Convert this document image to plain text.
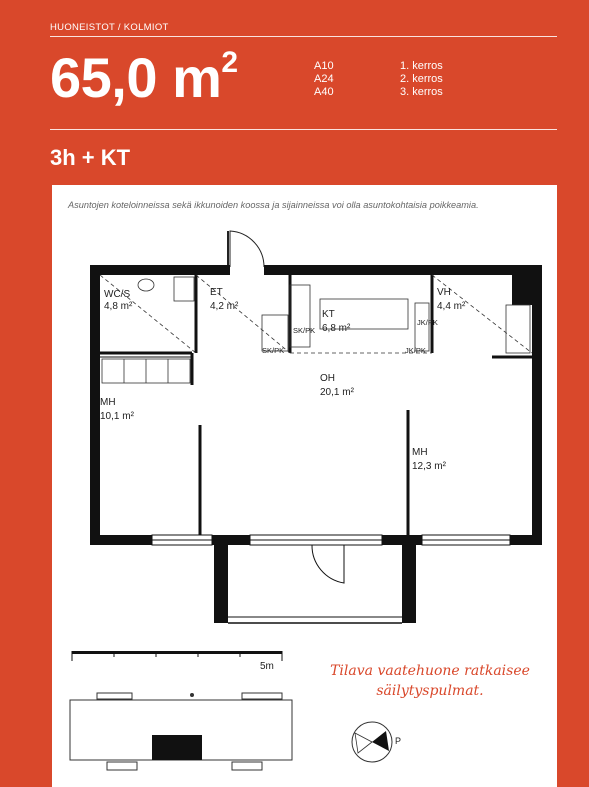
HUONEISTOT / KOLMIOT
65,0 $m^2$	A10
A24
A40
1. kerros
2. kerros
3. kerros
3h + KT
Asuntojen koteloinneissa sekä ikkunoiden koossa ja sijainneissa voi olla asuntokohtaisia poikkeamia.
WC/S
4,8 m²
ET
4,2 m²
KT
6,8 m²
VH
4,4 m²
OH
20,1 m²
MH
10,1 m²
MH
12,3 m²
SK/PK
SK/PK
JK/PK
JK/PK
5m
P
Tilava vaatehuone ratkaisee
säilytyspulmat.
